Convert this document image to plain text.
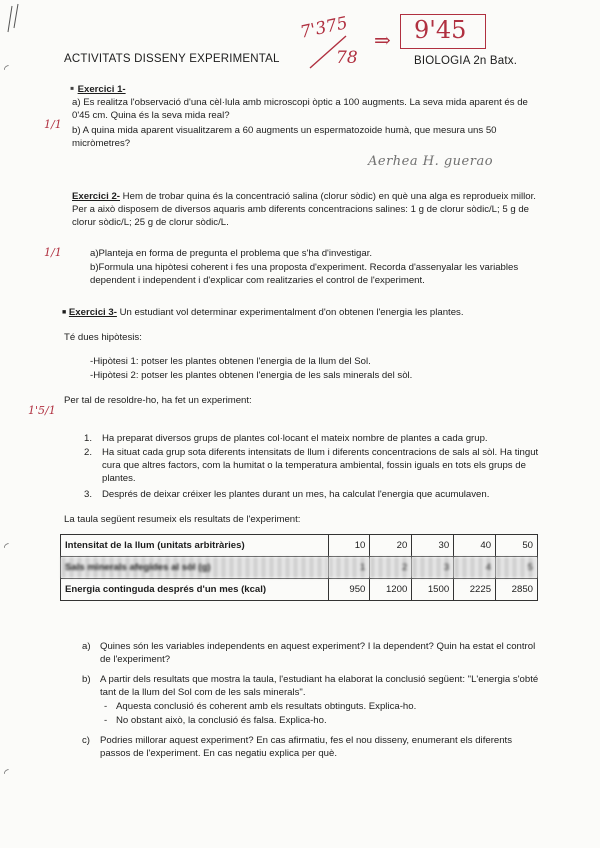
◜
◜
◜
ACTIVITATS DISSENY EXPERIMENTAL	BIOLOGIA 2n Batx.
7'375
78
⇒ 9'45
▪ Exercici 1-
1/1
a) Es realitza l'observació d'una cèl·lula amb microscopi òptic a 100 augments. La seva mida aparent és de 0'45 cm. Quina és la seva mida real?
b) A quina mida aparent visualitzarem a 60 augments un espermatozoide humà, que mesura uns 50 micròmetres?
Aerhea H. guerao
Exercici 2- Hem de trobar quina és la concentració salina (clorur sòdic) en què una alga es reprodueix millor. Per a això disposem de diversos aquaris amb diferents concentracions salines: 1 g de clorur sòdic/L; 5 g de clorur sòdic/L; 25 g de clorur sòdic/L.
1/1	a)Planteja en forma de pregunta el problema que s'ha d'investigar.
b)Formula una hipòtesi coherent i fes una proposta d'experiment. Recorda d'assenyalar les variables dependent i independent i d'explicar com realitzaries el control de l'experiment.
■ Exercici 3- Un estudiant vol determinar experimentalment d'on obtenen l'energia les plantes.
Té dues hipòtesis:
-Hipòtesi 1: potser les plantes obtenen l'energia de la llum del Sol.
-Hipòtesi 2: potser les plantes obtenen l'energia de les sals minerals del sòl.
1'5/1
Per tal de resoldre-ho, ha fet un experiment:
1. Ha preparat diversos grups de plantes col·locant el mateix nombre de plantes a cada grup.
2. Ha situat cada grup sota diferents intensitats de llum i diferents concentracions de sals al sòl. Ha tingut cura que altres factors, com la humitat o la temperatura ambiental, fossin iguals en tots els grups de plantes.
3. Després de deixar créixer les plantes durant un mes, ha calculat l'energia que acumulaven.
La taula següent resumeix els resultats de l'experiment:
Intensitat de la llum (unitats arbitràries)	10	20	30	40	50
Sals minerals afegides al sòl (g)	1	2	3	4	5
Energia continguda després d'un mes (kcal)	950	1200	1500	2225	2850
a) Quines són les variables independents en aquest experiment? I la dependent? Quin ha estat el control de l'experiment?
b) A partir dels resultats que mostra la taula, l'estudiant ha elaborat la conclusió següent: "L'energia s'obté tant de la llum del Sol com de les sals minerals".
- Aquesta conclusió és coherent amb els resultats obtinguts. Explica-ho.
- No obstant això, la conclusió és falsa. Explica-ho.
c) Podries millorar aquest experiment? En cas afirmatiu, fes el nou disseny, enumerant els diferents passos de l'experiment. En cas negatiu explica per què.
